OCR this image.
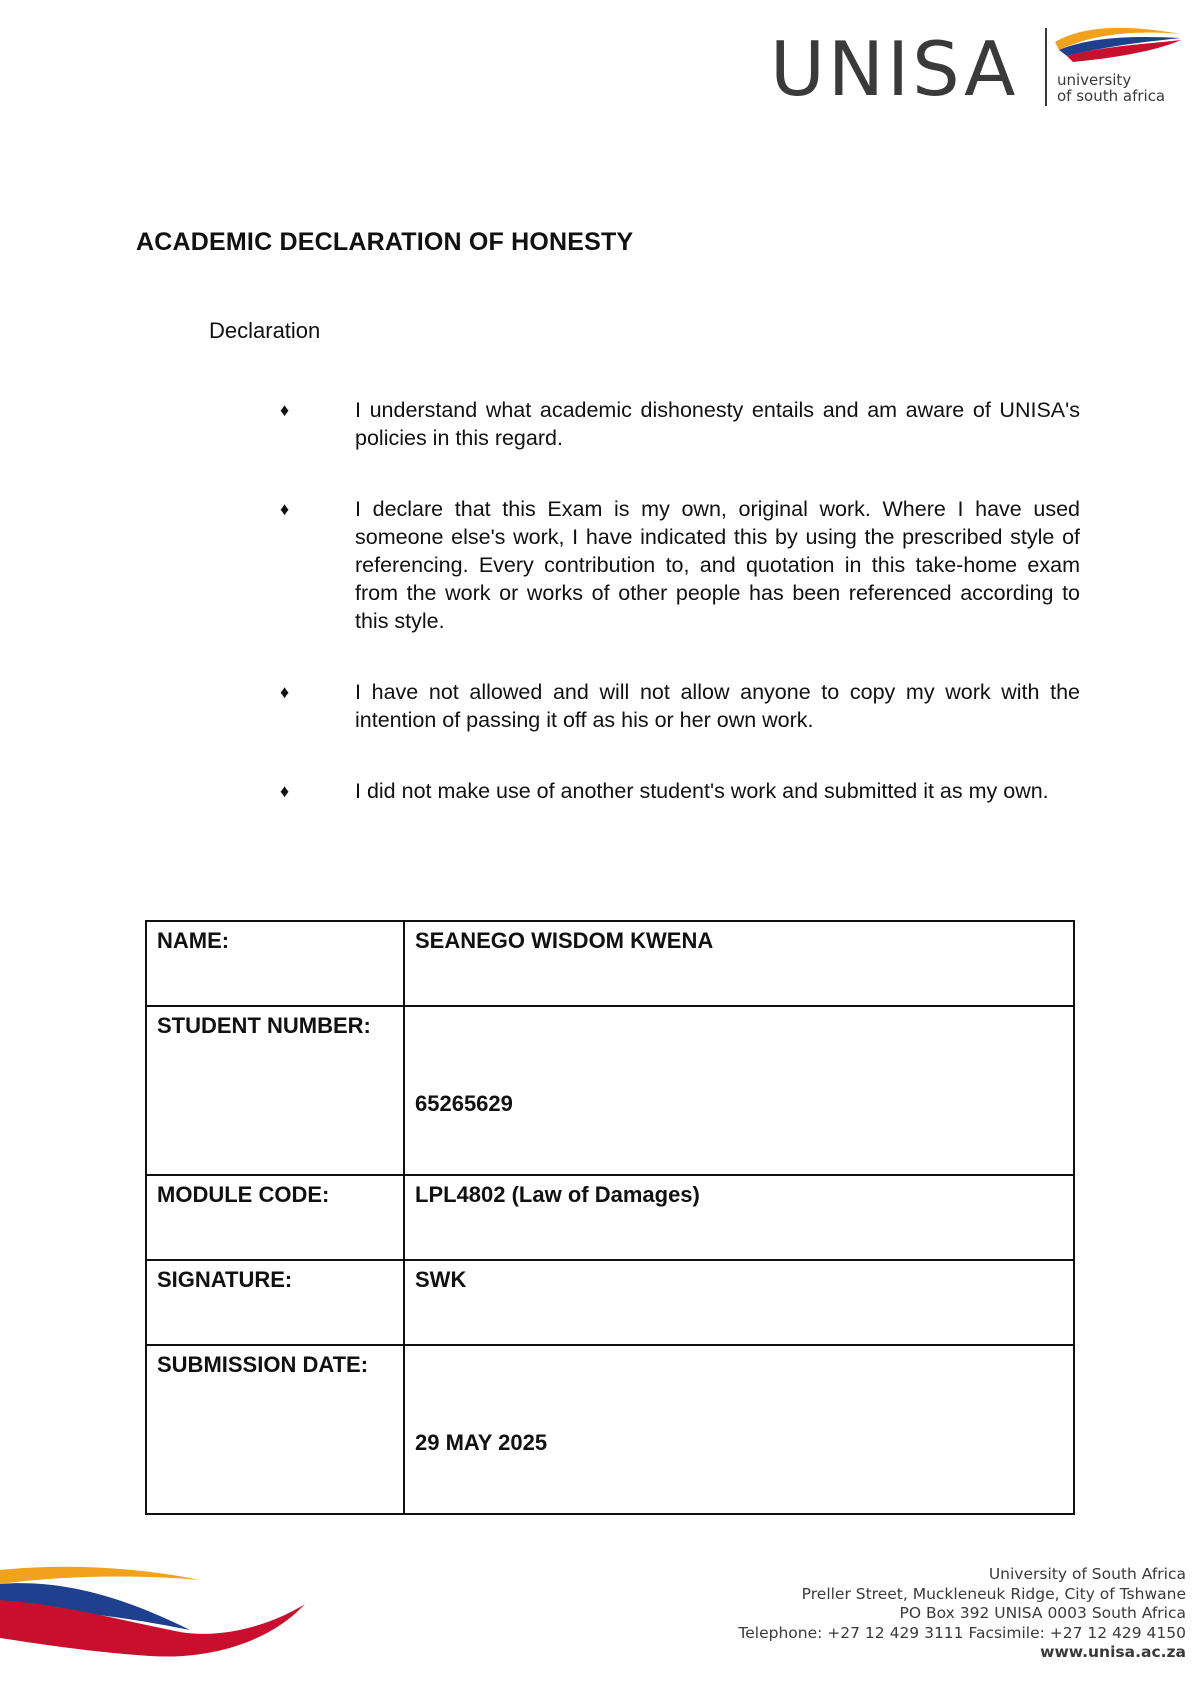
UNISA	university
of south africa
ACADEMIC DECLARATION OF HONESTY
Declaration
♦	I understand what academic dishonesty entails and am aware of UNISA's policies in this regard.
♦	I declare that this Exam is my own, original work. Where I have used someone else's work, I have indicated this by using the prescribed style of referencing. Every contribution to, and quotation in this take-home exam from the work or works of other people has been referenced according to this style.
♦	I have not allowed and will not allow anyone to copy my work with the intention of passing it off as his or her own work.
♦	I did not make use of another student's work and submitted it as my own.
NAME:	SEANEGO WISDOM KWENA
STUDENT NUMBER:	65265629

MODULE CODE:	LPL4802 (Law of Damages)
SIGNATURE:	SWK
SUBMISSION DATE:	29 MAY 2025
University of South Africa
Preller Street, Muckleneuk Ridge, City of Tshwane
PO Box 392 UNISA 0003 South Africa
Telephone: +27 12 429 3111 Facsimile: +27 12 429 4150
www.unisa.ac.za
